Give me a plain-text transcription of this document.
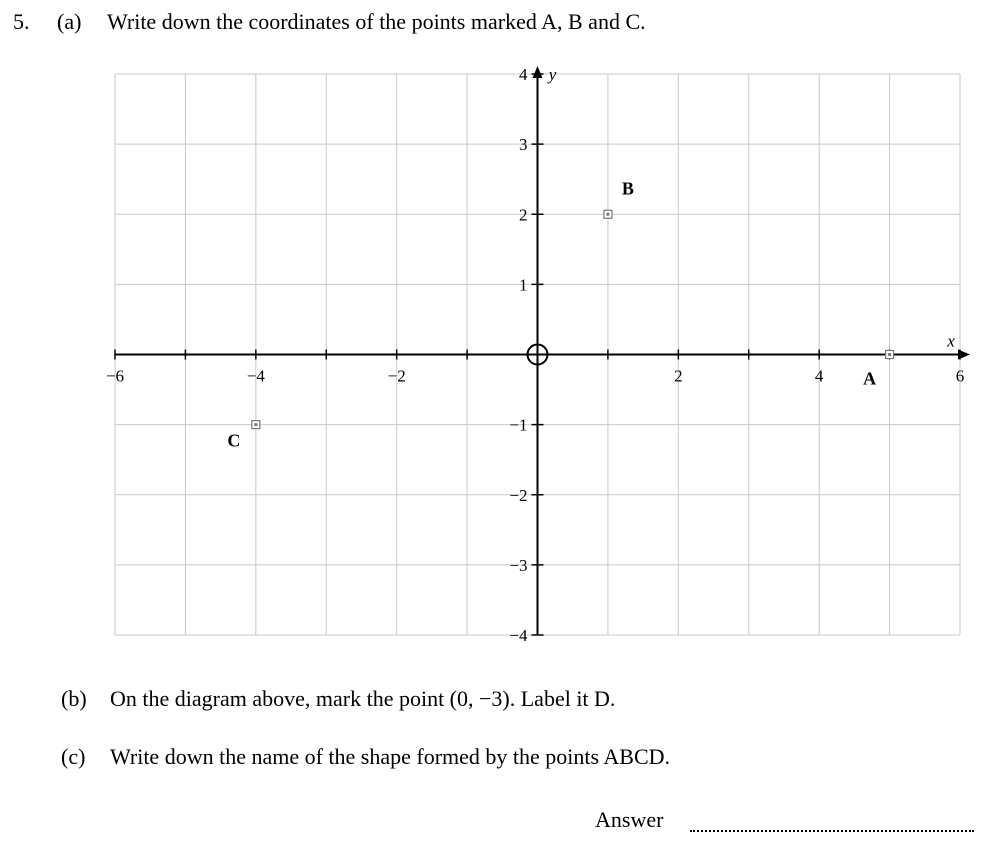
5. (a) Write down the coordinates of the points marked A, B and C.
−6	−4	−2	2	4	6
4
3
2
1
−1
−2
−3
−4
x
y
A
B
C
(b) On the diagram above, mark the point (0, −3). Label it D.
(c) Write down the name of the shape formed by the points ABCD.
Answer
